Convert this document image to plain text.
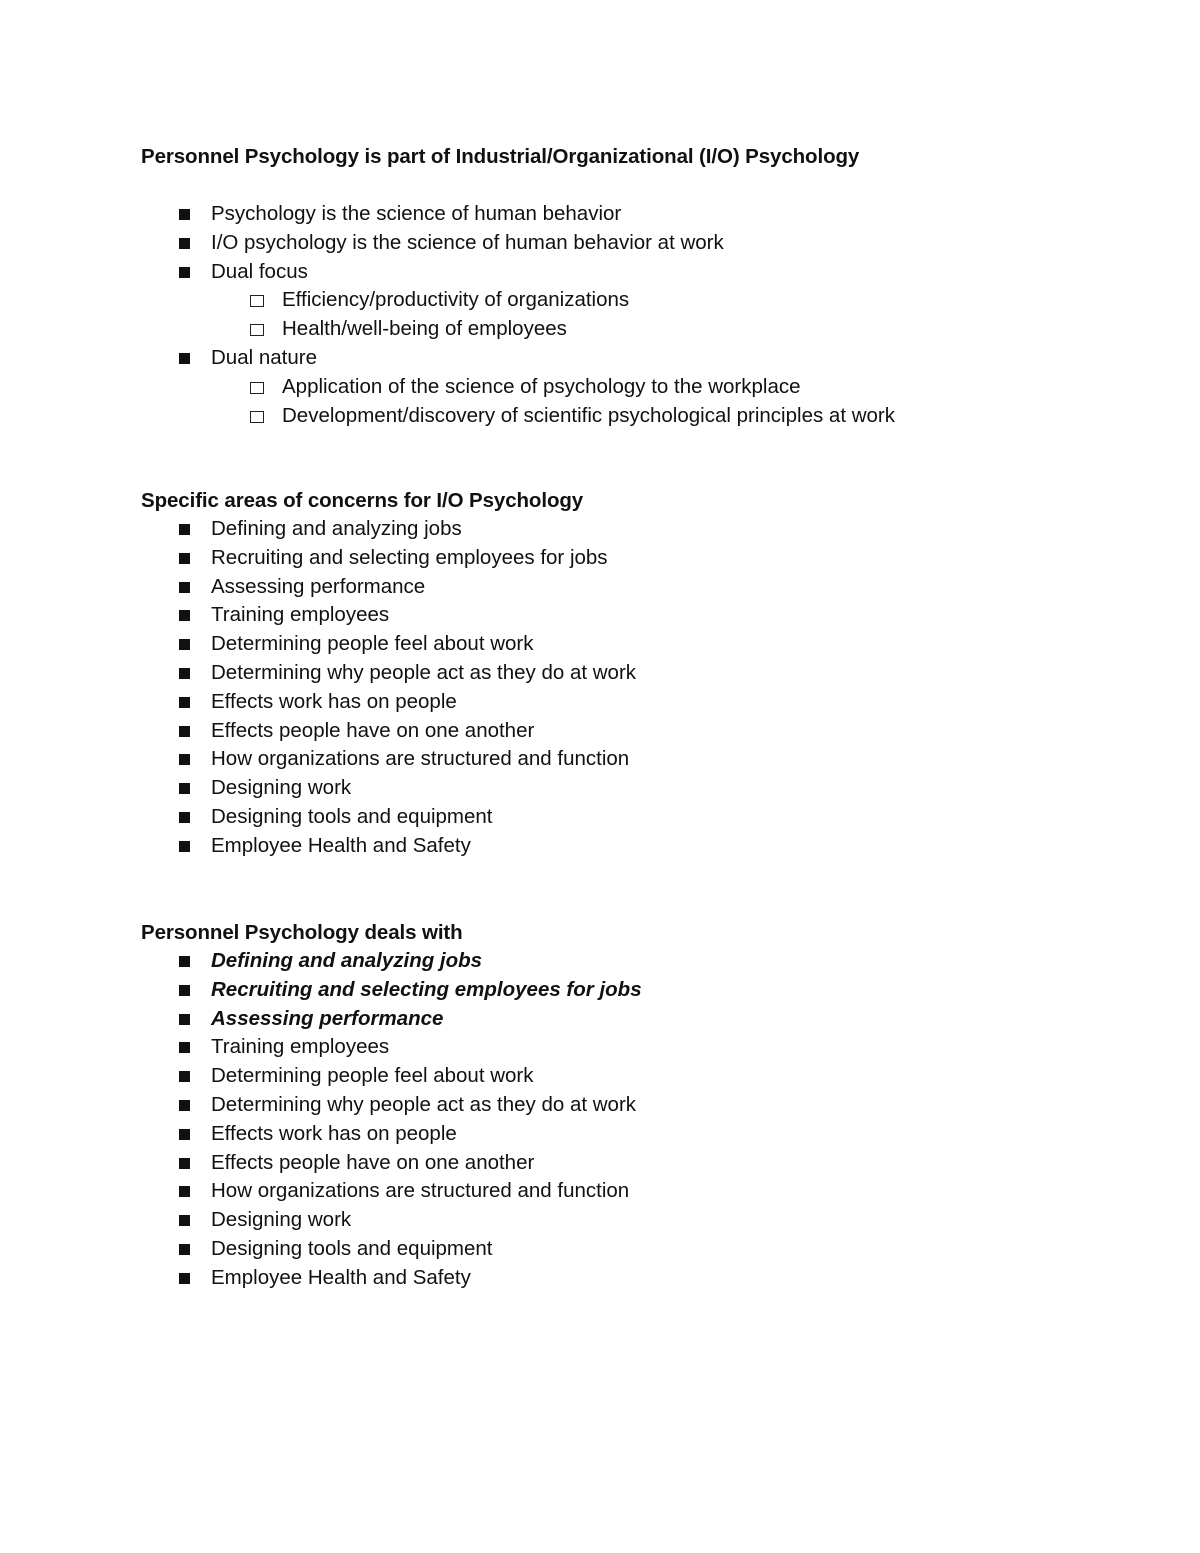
Personnel Psychology is part of Industrial/Organizational (I/O) Psychology
Psychology is the science of human behavior
I/O psychology is the science of human behavior at work
Dual focus
Efficiency/productivity of organizations
Health/well-being of employees
Dual nature
Application of the science of psychology to the workplace
Development/discovery of scientific psychological principles at work
Specific areas of concerns for I/O Psychology
Defining and analyzing jobs
Recruiting and selecting employees for jobs
Assessing performance
Training employees
Determining people feel about work
Determining why people act as they do at work
Effects work has on people
Effects people have on one another
How organizations are structured and function
Designing work
Designing tools and equipment
Employee Health and Safety
Personnel Psychology deals with
Defining and analyzing jobs
Recruiting and selecting employees for jobs
Assessing performance
Training employees
Determining people feel about work
Determining why people act as they do at work
Effects work has on people
Effects people have on one another
How organizations are structured and function
Designing work
Designing tools and equipment
Employee Health and Safety
